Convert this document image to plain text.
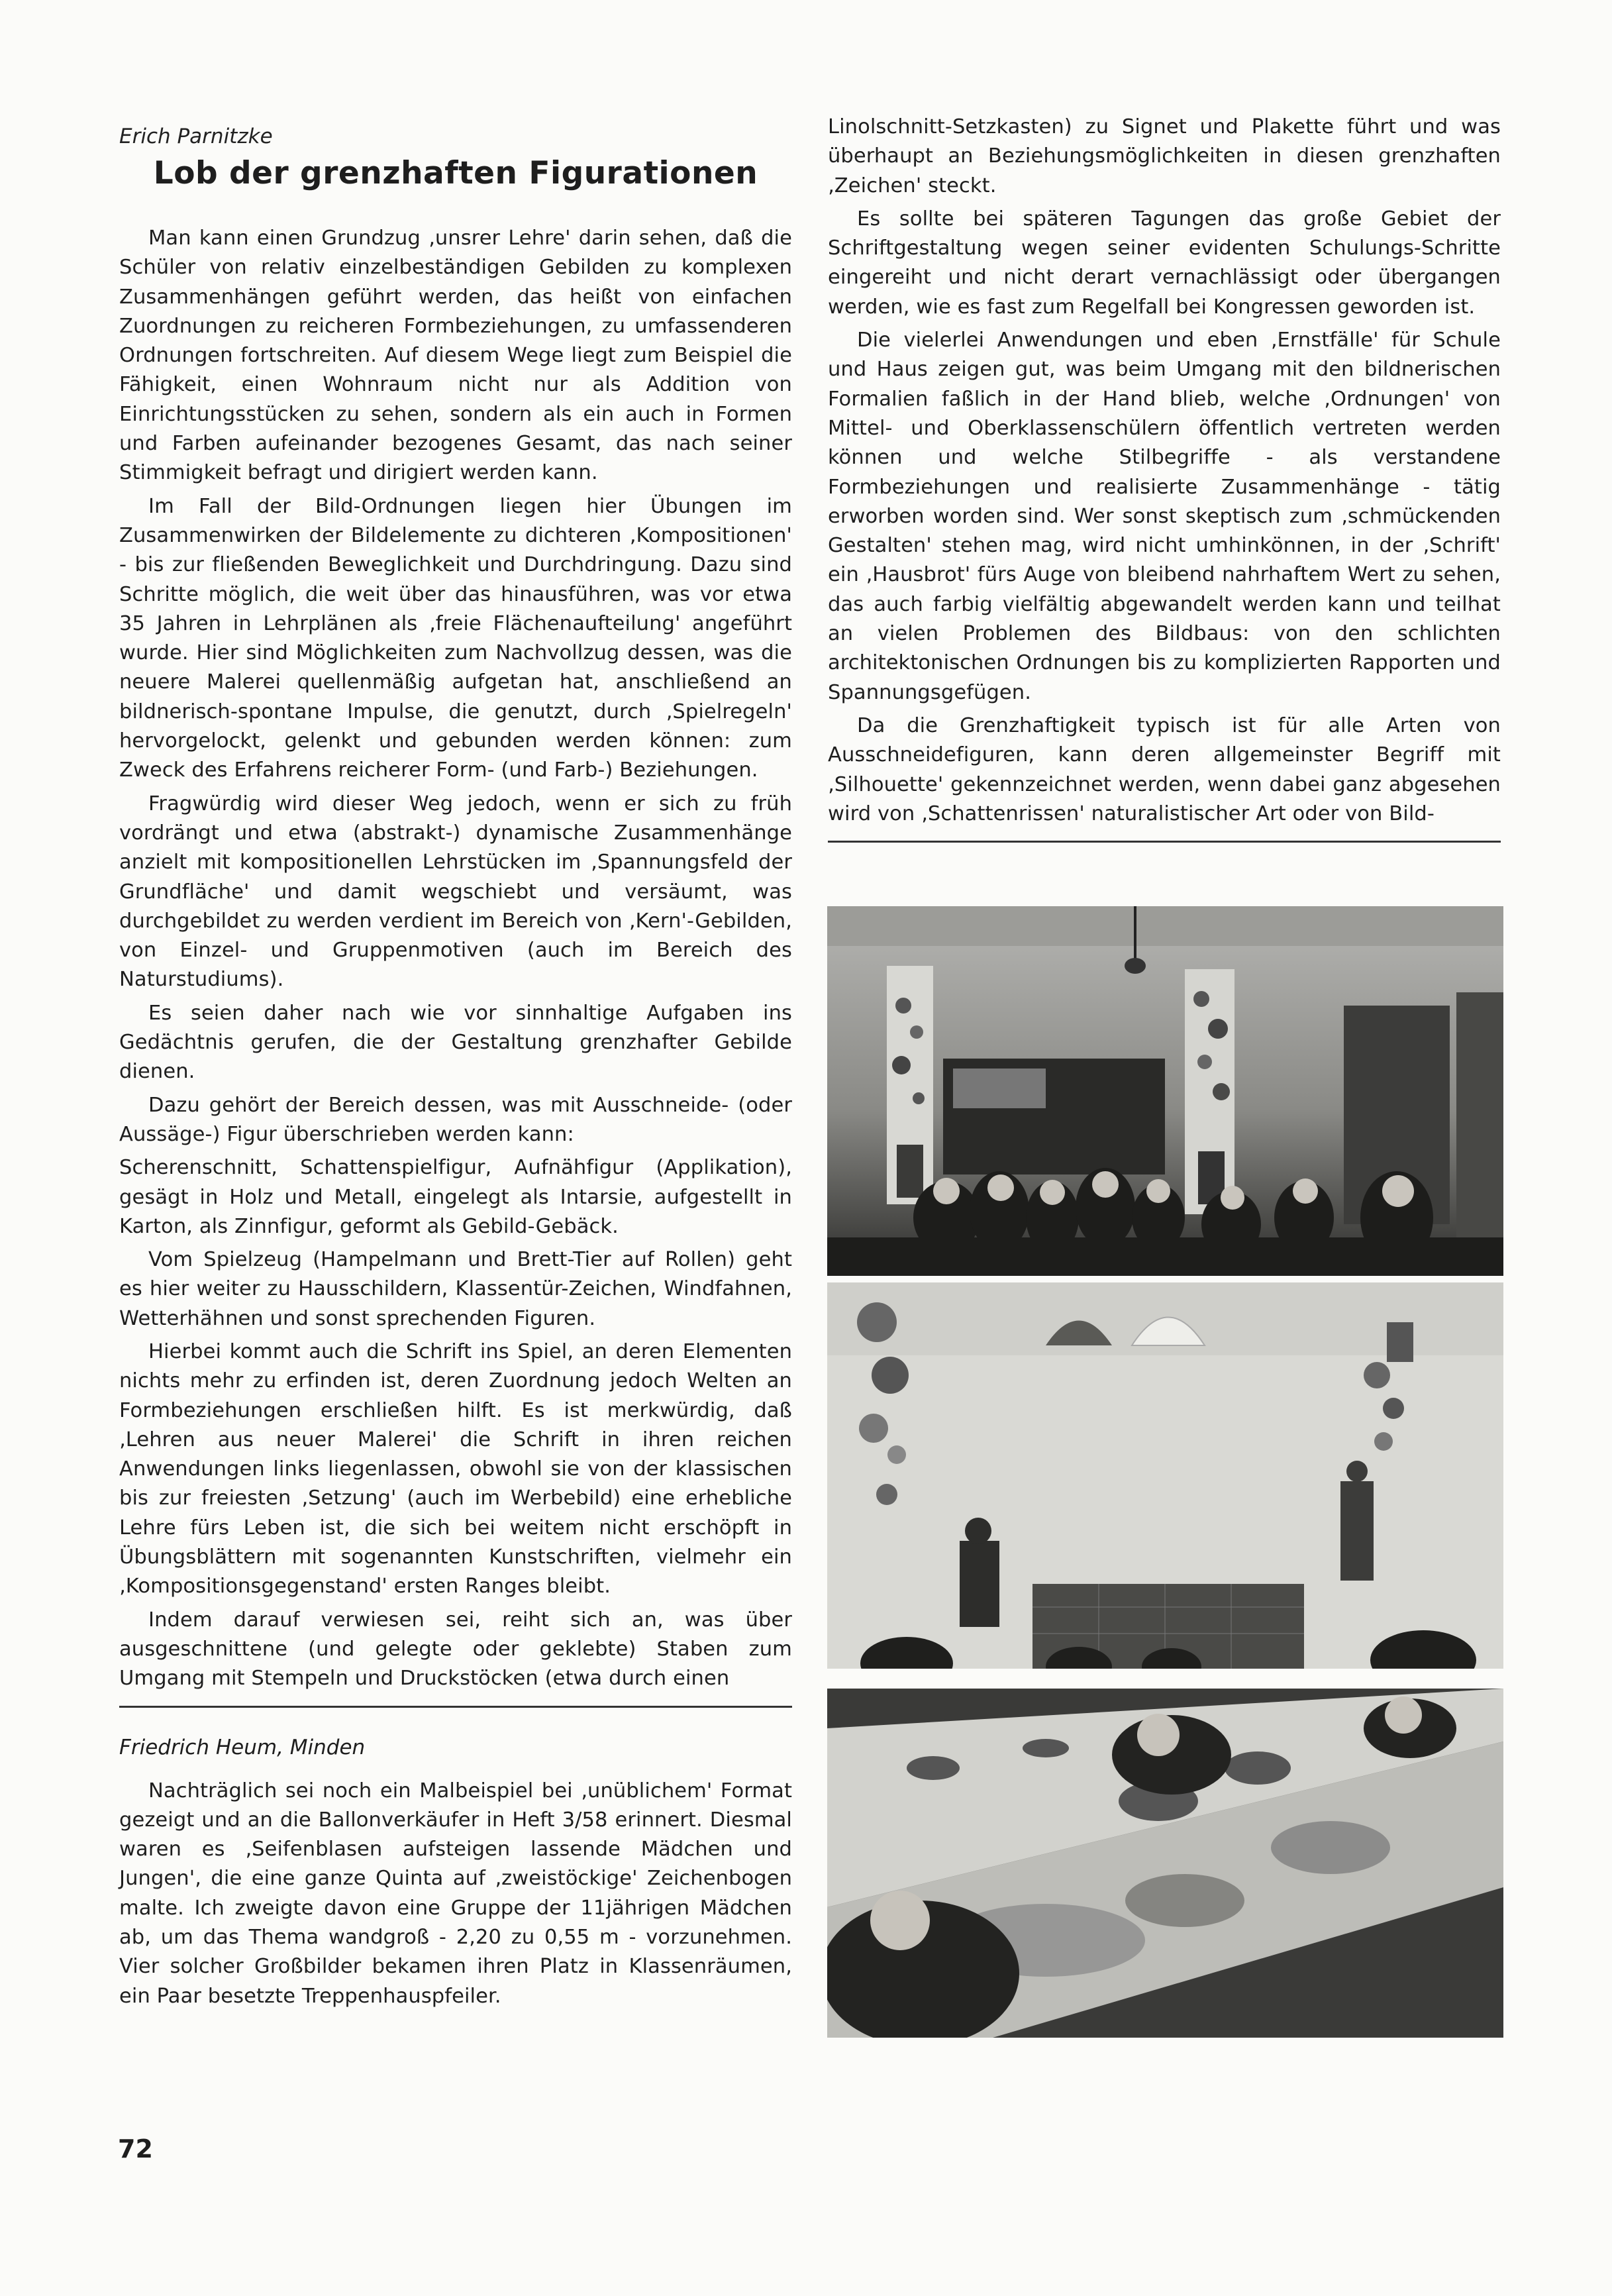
Erich Parnitzke
Lob der grenzhaften Figurationen

Man kann einen Grundzug ‚unsrer Lehre' darin sehen, daß die Schüler von relativ einzelbeständigen Gebilden zu komplexen Zusammenhängen geführt werden, das heißt von einfachen Zuordnungen zu reicheren Formbeziehungen, zu umfassenderen Ordnungen fortschreiten. Auf diesem Wege liegt zum Beispiel die Fähigkeit, einen Wohnraum nicht nur als Addition von Einrichtungsstücken zu sehen, sondern als ein auch in Formen und Farben aufeinander bezogenes Gesamt, das nach seiner Stimmigkeit befragt und dirigiert werden kann.

Im Fall der Bild-Ordnungen liegen hier Übungen im Zusammenwirken der Bildelemente zu dichteren ‚Kompositionen' - bis zur fließenden Beweglichkeit und Durchdringung. Dazu sind Schritte möglich, die weit über das hinausführen, was vor etwa 35 Jahren in Lehrplänen als ‚freie Flächenaufteilung' angeführt wurde. Hier sind Möglichkeiten zum Nachvollzug dessen, was die neuere Malerei quellenmäßig aufgetan hat, anschließend an bildnerisch-spontane Impulse, die genutzt, durch ‚Spielregeln' hervorgelockt, gelenkt und gebunden werden können: zum Zweck des Erfahrens reicherer Form- (und Farb-) Beziehungen.

Fragwürdig wird dieser Weg jedoch, wenn er sich zu früh vordrängt und etwa (abstrakt-) dynamische Zusammenhänge anzielt mit kompositionellen Lehrstücken im ‚Spannungsfeld der Grundfläche' und damit wegschiebt und versäumt, was durchgebildet zu werden verdient im Bereich von ‚Kern'-Gebilden, von Einzel- und Gruppenmotiven (auch im Bereich des Naturstudiums).

Es seien daher nach wie vor sinnhaltige Aufgaben ins Gedächtnis gerufen, die der Gestaltung grenzhafter Gebilde dienen.

Dazu gehört der Bereich dessen, was mit Ausschneide- (oder Aussäge-) Figur überschrieben werden kann:

Scherenschnitt, Schattenspielfigur, Aufnähfigur (Applikation), gesägt in Holz und Metall, eingelegt als Intarsie, aufgestellt in Karton, als Zinnfigur, geformt als Gebild-Gebäck.

Vom Spielzeug (Hampelmann und Brett-Tier auf Rollen) geht es hier weiter zu Hausschildern, Klassentür-Zeichen, Windfahnen, Wetterhähnen und sonst sprechenden Figuren.

Hierbei kommt auch die Schrift ins Spiel, an deren Elementen nichts mehr zu erfinden ist, deren Zuordnung jedoch Welten an Formbeziehungen erschließen hilft. Es ist merkwürdig, daß ‚Lehren aus neuer Malerei' die Schrift in ihren reichen Anwendungen links liegenlassen, obwohl sie von der klassischen bis zur freiesten ‚Setzung' (auch im Werbebild) eine erhebliche Lehre fürs Leben ist, die sich bei weitem nicht erschöpft in Übungsblättern mit sogenannten Kunstschriften, vielmehr ein ‚Kompositionsgegenstand' ersten Ranges bleibt.

Indem darauf verwiesen sei, reiht sich an, was über ausgeschnittene (und gelegte oder geklebte) Staben zum Umgang mit Stempeln und Druckstöcken (etwa durch einen

Friedrich Heum, Minden

Nachträglich sei noch ein Malbeispiel bei ‚unüblichem' Format gezeigt und an die Ballonverkäufer in Heft 3/58 erinnert. Diesmal waren es ‚Seifenblasen aufsteigen lassende Mädchen und Jungen', die eine ganze Quinta auf ‚zweistöckige' Zeichenbogen malte. Ich zweigte davon eine Gruppe der 11jährigen Mädchen ab, um das Thema wandgroß - 2,20 zu 0,55 m - vorzunehmen. Vier solcher Großbilder bekamen ihren Platz in Klassenräumen, ein Paar besetzte Treppenhauspfeiler.

Linolschnitt-Setzkasten) zu Signet und Plakette führt und was überhaupt an Beziehungsmöglichkeiten in diesen grenzhaften ‚Zeichen' steckt.

Es sollte bei späteren Tagungen das große Gebiet der Schriftgestaltung wegen seiner evidenten Schulungs-Schritte eingereiht und nicht derart vernachlässigt oder übergangen werden, wie es fast zum Regelfall bei Kongressen geworden ist.

Die vielerlei Anwendungen und eben ‚Ernstfälle' für Schule und Haus zeigen gut, was beim Umgang mit den bildnerischen Formalien faßlich in der Hand blieb, welche ‚Ordnungen' von Mittel- und Oberklassenschülern öffentlich vertreten werden können und welche Stilbegriffe - als verstandene Formbeziehungen und realisierte Zusammenhänge - tätig erworben worden sind. Wer sonst skeptisch zum ‚schmückenden Gestalten' stehen mag, wird nicht umhinkönnen, in der ‚Schrift' ein ‚Hausbrot' fürs Auge von bleibend nahrhaftem Wert zu sehen, das auch farbig vielfältig abgewandelt werden kann und teilhat an vielen Problemen des Bildbaus: von den schlichten architektonischen Ordnungen bis zu komplizierten Rapporten und Spannungsgefügen.

Da die Grenzhaftigkeit typisch ist für alle Arten von Ausschneidefiguren, kann deren allgemeinster Begriff mit ‚Silhouette' gekennzeichnet werden, wenn dabei ganz abgesehen wird von ‚Schattenrissen' naturalistischer Art oder von Bild-

72
